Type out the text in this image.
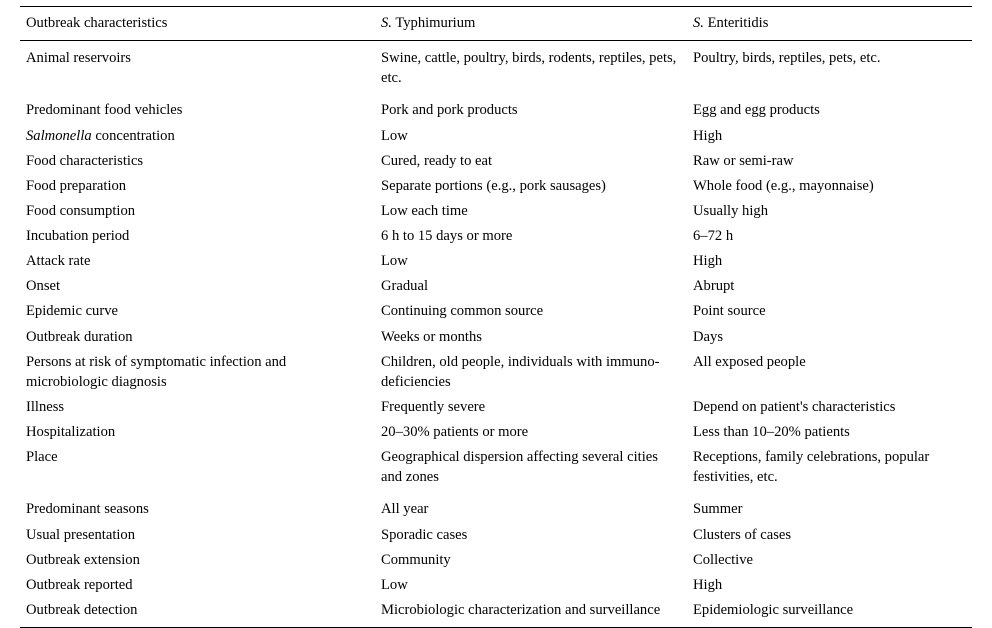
Outbreak characteristics	S. Typhimurium	S. Enteritidis
Animal reservoirs	Swine, cattle, poultry, birds, rodents, reptiles, pets, etc.	Poultry, birds, reptiles, pets, etc.

Predominant food vehicles	Pork and pork products	Egg and egg products
Salmonella concentration	Low	High
Food characteristics	Cured, ready to eat	Raw or semi-raw
Food preparation	Separate portions (e.g., pork sausages)	Whole food (e.g., mayonnaise)
Food consumption	Low each time	Usually high
Incubation period	6 h to 15 days or more	6–72 h
Attack rate	Low	High
Onset	Gradual	Abrupt
Epidemic curve	Continuing common source	Point source
Outbreak duration	Weeks or months	Days
Persons at risk of symptomatic infection and microbiologic diagnosis	Children, old people, individuals with immuno-deficiencies	All exposed people
Illness	Frequently severe	Depend on patient's characteristics
Hospitalization	20–30% patients or more	Less than 10–20% patients
Place	Geographical dispersion affecting several cities and zones	Receptions, family celebrations, popular festivities, etc.

Predominant seasons	All year	Summer
Usual presentation	Sporadic cases	Clusters of cases
Outbreak extension	Community	Collective
Outbreak reported	Low	High
Outbreak detection	Microbiologic characterization and surveillance	Epidemiologic surveillance
